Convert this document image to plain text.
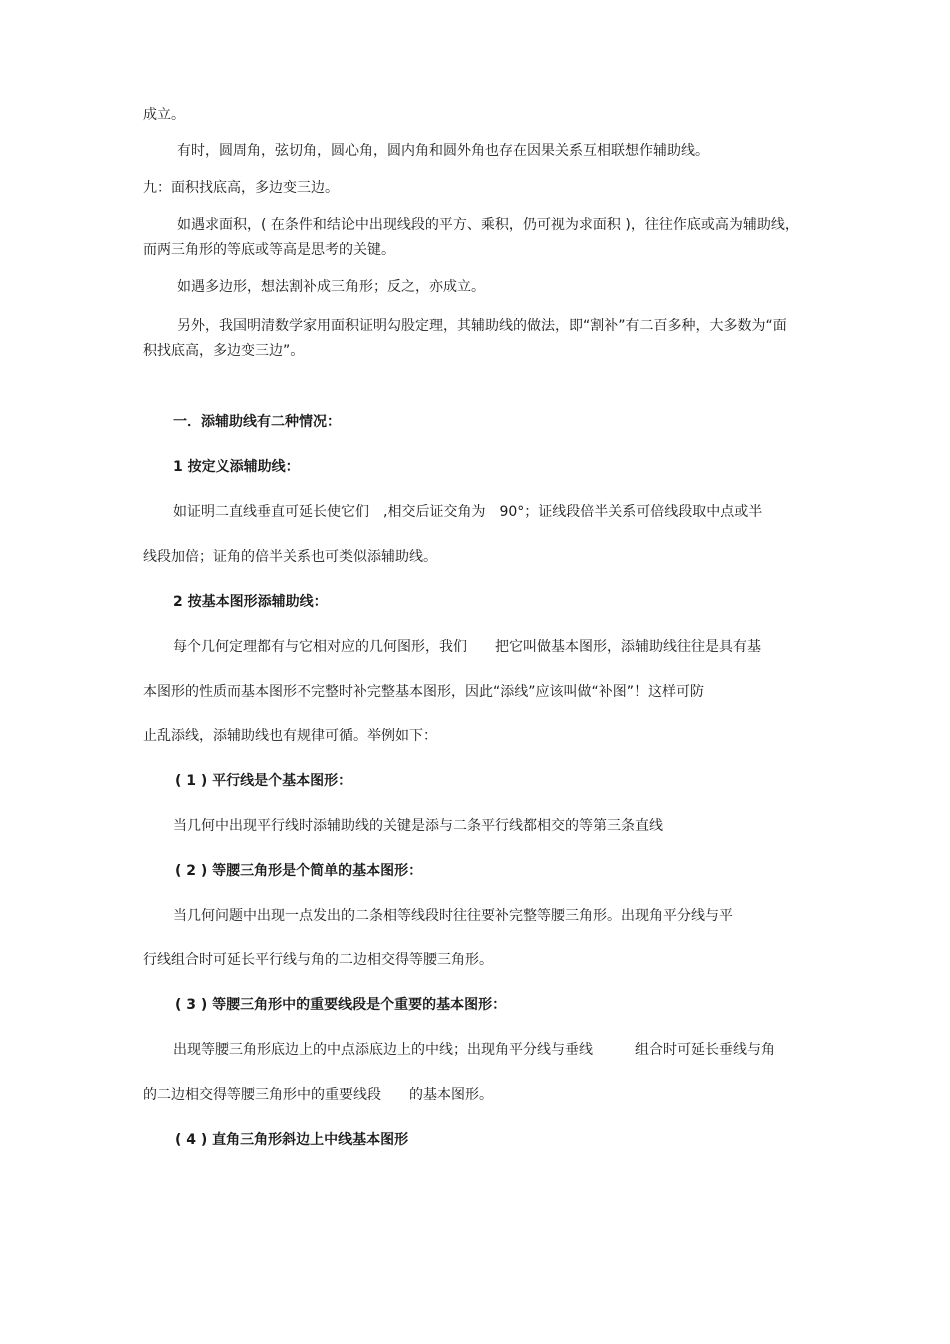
成立。
有时，圆周角，弦切角，圆心角，圆内角和圆外角也存在因果关系互相联想作辅助线。
九：面积找底高，多边变三边。
如遇求面积，( 在条件和结论中出现线段的平方、乘积，仍可视为求面积 )，往往作底或高为辅助线，
而两三角形的等底或等高是思考的关键。
如遇多边形，想法割补成三角形；反之，亦成立。
另外，我国明清数学家用面积证明勾股定理，其辅助线的做法，即“割补”有二百多种，大多数为“面
积找底高，多边变三边”。
一．添辅助线有二种情况：
1 按定义添辅助线：
如证明二直线垂直可延长使它们　,相交后证交角为　90°；证线段倍半关系可倍线段取中点或半
线段加倍；证角的倍半关系也可类似添辅助线。
2 按基本图形添辅助线：
每个几何定理都有与它相对应的几何图形，我们　　把它叫做基本图形，添辅助线往往是具有基
本图形的性质而基本图形不完整时补完整基本图形，因此“添线”应该叫做“补图”！这样可防
止乱添线，添辅助线也有规律可循。举例如下：
( 1 ) 平行线是个基本图形：
当几何中出现平行线时添辅助线的关键是添与二条平行线都相交的等第三条直线
( 2 ) 等腰三角形是个简单的基本图形：
当几何问题中出现一点发出的二条相等线段时往往要补完整等腰三角形。出现角平分线与平
行线组合时可延长平行线与角的二边相交得等腰三角形。
( 3 ) 等腰三角形中的重要线段是个重要的基本图形：
出现等腰三角形底边上的中点添底边上的中线；出现角平分线与垂线　　　组合时可延长垂线与角
的二边相交得等腰三角形中的重要线段　　的基本图形。
( 4 ) 直角三角形斜边上中线基本图形
